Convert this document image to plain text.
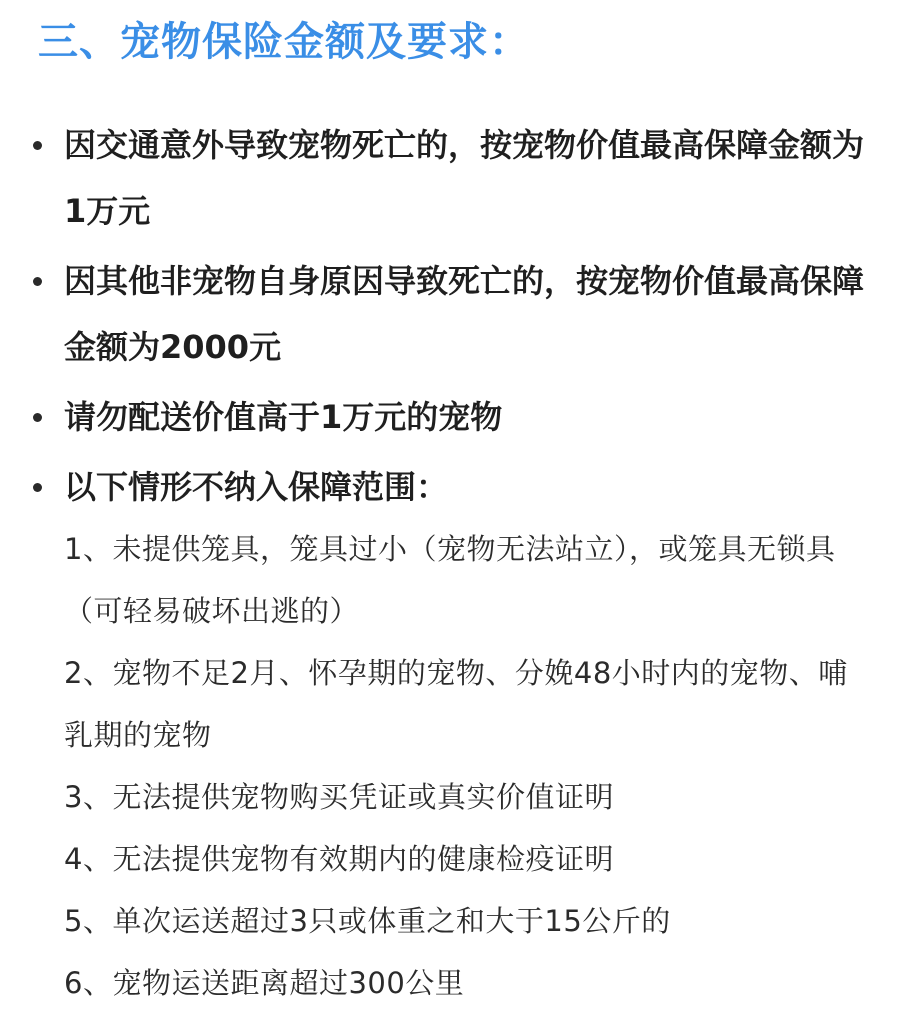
三、宠物保险金额及要求：
因交通意外导致宠物死亡的，按宠物价值最高保障金额为1万元
因其他非宠物自身原因导致死亡的，按宠物价值最高保障金额为2000元
请勿配送价值高于1万元的宠物
以下情形不纳入保障范围：
1、未提供笼具，笼具过小（宠物无法站立），或笼具无锁具（可轻易破坏出逃的）
2、宠物不足2月、怀孕期的宠物、分娩48小时内的宠物、哺乳期的宠物
3、无法提供宠物购买凭证或真实价值证明
4、无法提供宠物有效期内的健康检疫证明
5、单次运送超过3只或体重之和大于15公斤的
6、宠物运送距离超过300公里
